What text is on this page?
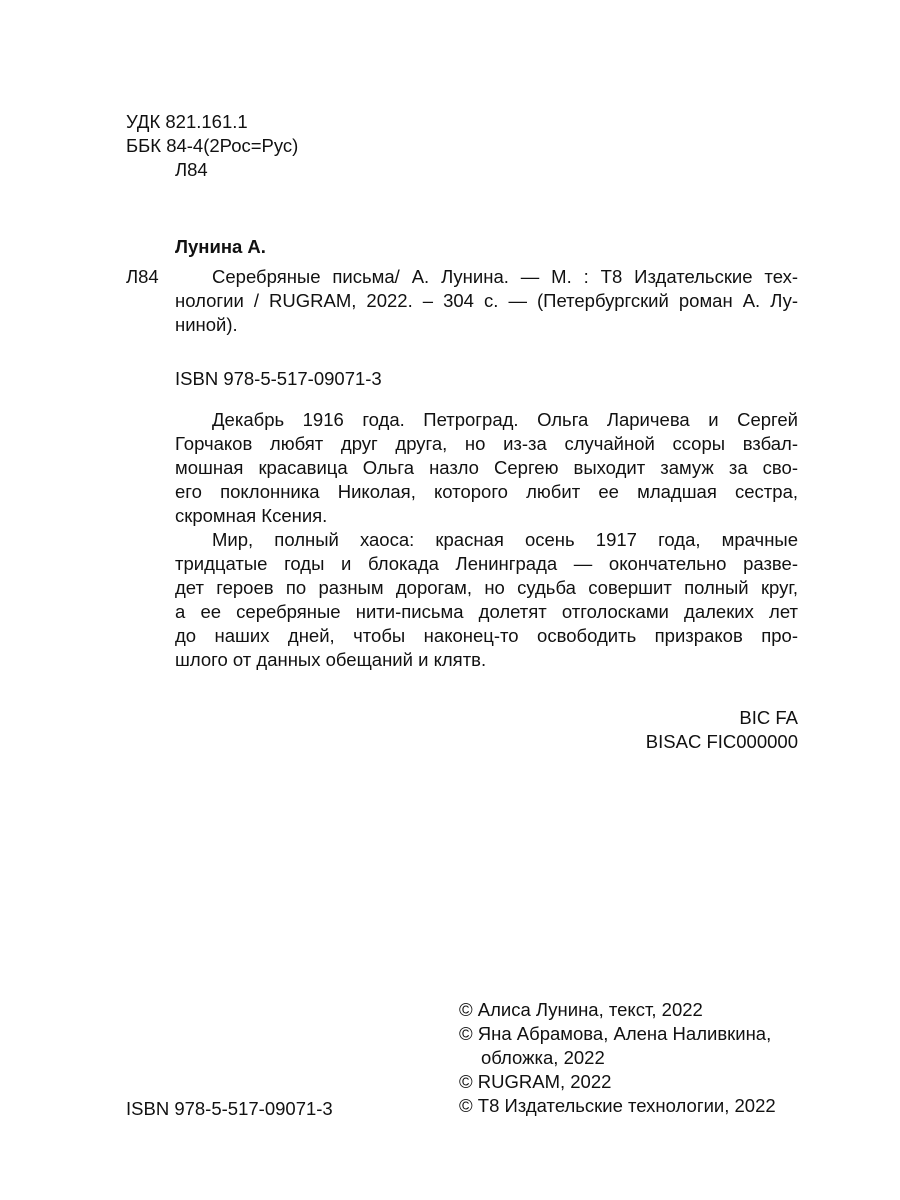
УДК 821.161.1
ББК 84-4(2Рос=Рус)
Л84
Лунина А.
Л84	Серебряные письма/ А. Лунина. — М. : Т8 Издательские тех-
нологии / RUGRAM, 2022. – 304 с. — (Петербургский роман А. Лу-
ниной).
ISBN 978-5-517-09071-3
Декабрь 1916 года. Петроград. Ольга Ларичева и Сергей
Горчаков любят друг друга, но из-за случайной ссоры взбал-
мошная красавица Ольга назло Сергею выходит замуж за сво-
его поклонника Николая, которого любит ее младшая сестра,
скромная Ксения.
Мир, полный хаоса: красная осень 1917 года, мрачные
тридцатые годы и блокада Ленинграда — окончательно разве-
дет героев по разным дорогам, но судьба совершит полный круг,
а ее серебряные нити-письма долетят отголосками далеких лет
до наших дней, чтобы наконец-то освободить призраков про-
шлого от данных обещаний и клятв.
BIC FA
BISAC FIC000000
© Алиса Лунина, текст, 2022
© Яна Абрамова, Алена Наливкина,
обложка, 2022
© RUGRAM, 2022
© Т8 Издательские технологии, 2022
ISBN 978-5-517-09071-3
